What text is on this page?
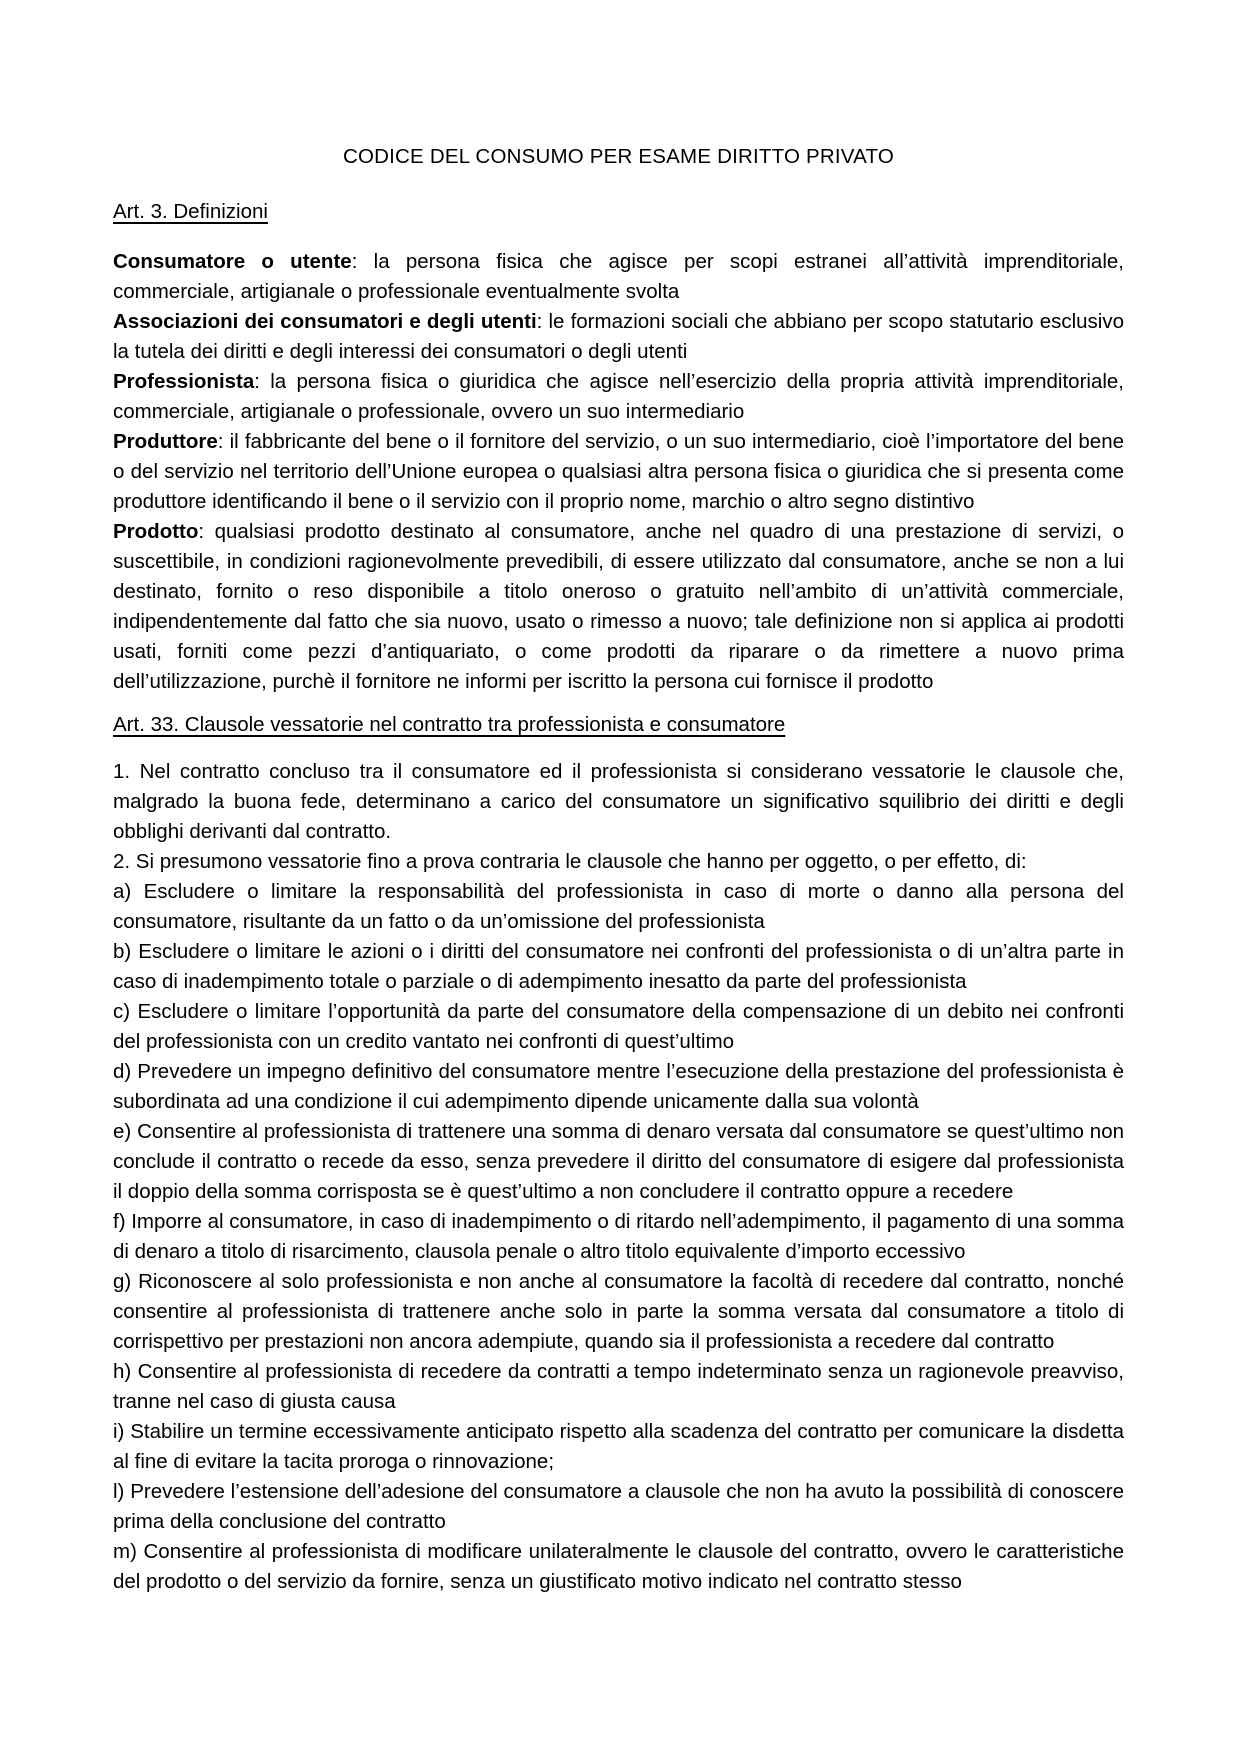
CODICE DEL CONSUMO PER ESAME DIRITTO PRIVATO
Art. 3. Definizioni

Consumatore o utente: la persona fisica che agisce per scopi estranei all’attività imprenditoriale, commerciale, artigianale o professionale eventualmente svolta

Associazioni dei consumatori e degli utenti: le formazioni sociali che abbiano per scopo statutario esclusivo la tutela dei diritti e degli interessi dei consumatori o degli utenti

Professionista: la persona fisica o giuridica che agisce nell’esercizio della propria attività imprenditoriale, commerciale, artigianale o professionale, ovvero un suo intermediario

Produttore: il fabbricante del bene o il fornitore del servizio, o un suo intermediario, cioè l’importatore del bene o del servizio nel territorio dell’Unione europea o qualsiasi altra persona fisica o giuridica che si presenta come produttore identificando il bene o il servizio con il proprio nome, marchio o altro segno distintivo

Prodotto: qualsiasi prodotto destinato al consumatore, anche nel quadro di una prestazione di servizi, o suscettibile, in condizioni ragionevolmente prevedibili, di essere utilizzato dal consumatore, anche se non a lui destinato, fornito o reso disponibile a titolo oneroso o gratuito nell’ambito di un’attività commerciale, indipendentemente dal fatto che sia nuovo, usato o rimesso a nuovo; tale definizione non si applica ai prodotti usati, forniti come pezzi d’antiquariato, o come prodotti da riparare o da rimettere a nuovo prima dell’utilizzazione, purchè il fornitore ne informi per iscritto la persona cui fornisce il prodotto

Art. 33. Clausole vessatorie nel contratto tra professionista e consumatore

1. Nel contratto concluso tra il consumatore ed il professionista si considerano vessatorie le clausole che, malgrado la buona fede, determinano a carico del consumatore un significativo squilibrio dei diritti e degli obblighi derivanti dal contratto.

2. Si presumono vessatorie fino a prova contraria le clausole che hanno per oggetto, o per effetto, di:

a) Escludere o limitare la responsabilità del professionista in caso di morte o danno alla persona del consumatore, risultante da un fatto o da un’omissione del professionista

b) Escludere o limitare le azioni o i diritti del consumatore nei confronti del professionista o di un’altra parte in caso di inadempimento totale o parziale o di adempimento inesatto da parte del professionista

c) Escludere o limitare l’opportunità da parte del consumatore della compensazione di un debito nei confronti del professionista con un credito vantato nei confronti di quest’ultimo

d) Prevedere un impegno definitivo del consumatore mentre l’esecuzione della prestazione del professionista è subordinata ad una condizione il cui adempimento dipende unicamente dalla sua volontà

e) Consentire al professionista di trattenere una somma di denaro versata dal consumatore se quest’ultimo non conclude il contratto o recede da esso, senza prevedere il diritto del consumatore di esigere dal professionista il doppio della somma corrisposta se è quest’ultimo a non concludere il contratto oppure a recedere

f) Imporre al consumatore, in caso di inadempimento o di ritardo nell’adempimento, il pagamento di una somma di denaro a titolo di risarcimento, clausola penale o altro titolo equivalente d’importo eccessivo

g) Riconoscere al solo professionista e non anche al consumatore la facoltà di recedere dal contratto, nonché consentire al professionista di trattenere anche solo in parte la somma versata dal consumatore a titolo di corrispettivo per prestazioni non ancora adempiute, quando sia il professionista a recedere dal contratto

h) Consentire al professionista di recedere da contratti a tempo indeterminato senza un ragionevole preavviso, tranne nel caso di giusta causa

i) Stabilire un termine eccessivamente anticipato rispetto alla scadenza del contratto per comunicare la disdetta al fine di evitare la tacita proroga o rinnovazione;

l) Prevedere l’estensione dell’adesione del consumatore a clausole che non ha avuto la possibilità di conoscere prima della conclusione del contratto

m) Consentire al professionista di modificare unilateralmente le clausole del contratto, ovvero le caratteristiche del prodotto o del servizio da fornire, senza un giustificato motivo indicato nel contratto stesso
